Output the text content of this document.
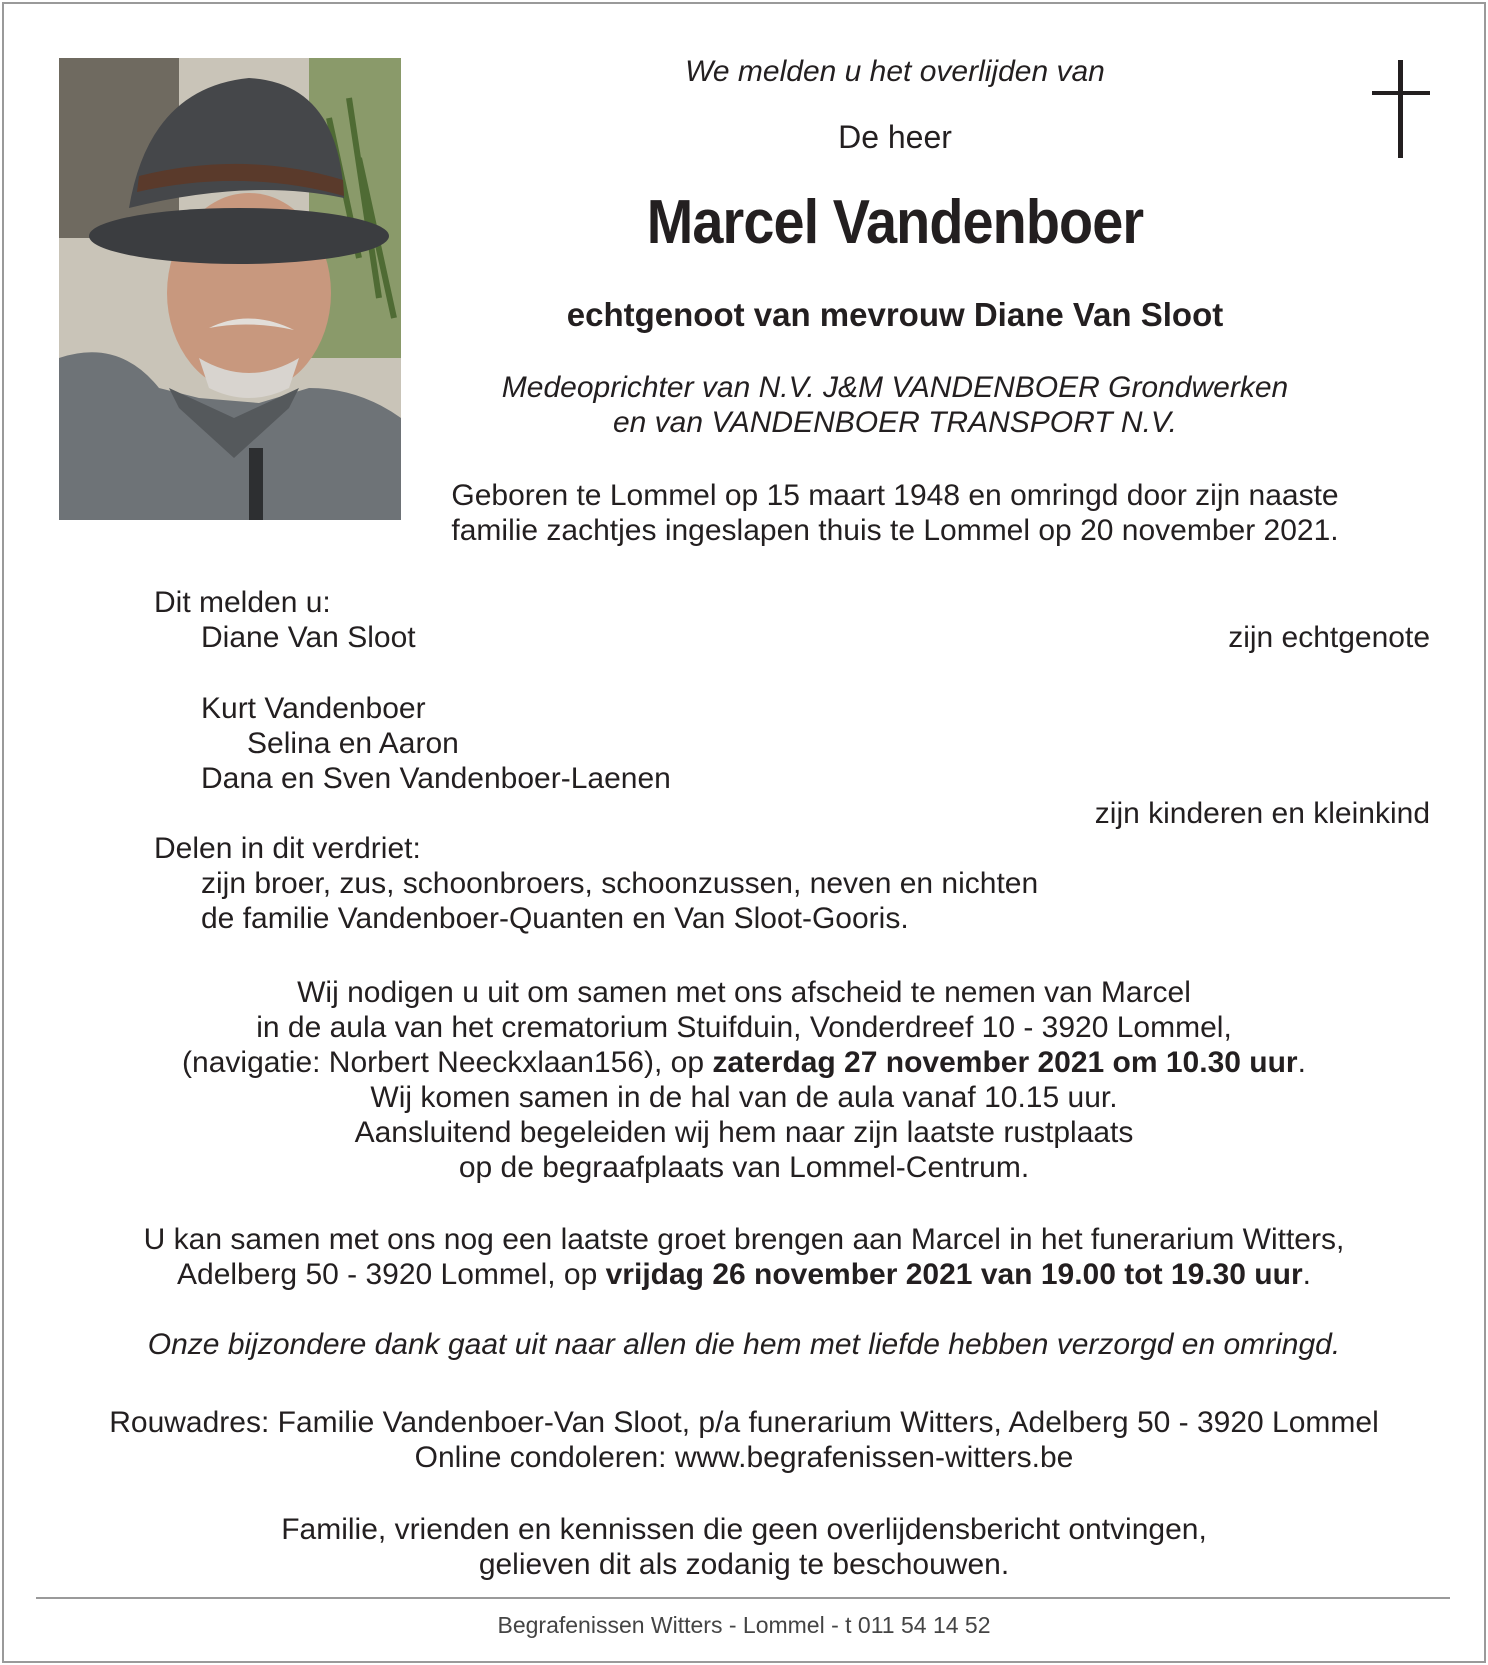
We melden u het overlijden van
De heer
Marcel Vandenboer
echtgenoot van mevrouw Diane Van Sloot
Medeoprichter van N.V. J&M VANDENBOER Grondwerken
en van VANDENBOER TRANSPORT N.V.
Geboren te Lommel op 15 maart 1948 en omringd door zijn naaste
familie zachtjes ingeslapen thuis te Lommel op 20 november 2021.
Dit melden u:
Diane Van Sloot	zijn echtgenote
Kurt Vandenboer
Selina en Aaron
Dana en Sven Vandenboer-Laenen
zijn kinderen en kleinkind
Delen in dit verdriet:
zijn broer, zus, schoonbroers, schoonzussen, neven en nichten
de familie Vandenboer-Quanten en Van Sloot-Gooris.
Wij nodigen u uit om samen met ons afscheid te nemen van Marcel
in de aula van het crematorium Stuifduin, Vonderdreef 10 - 3920 Lommel,
(navigatie: Norbert Neeckxlaan156), op zaterdag 27 november 2021 om 10.30 uur.
Wij komen samen in de hal van de aula vanaf 10.15 uur.
Aansluitend begeleiden wij hem naar zijn laatste rustplaats
op de begraafplaats van Lommel-Centrum.
U kan samen met ons nog een laatste groet brengen aan Marcel in het funerarium Witters,
Adelberg 50 - 3920 Lommel, op vrijdag 26 november 2021 van 19.00 tot 19.30 uur.
Onze bijzondere dank gaat uit naar allen die hem met liefde hebben verzorgd en omringd.
Rouwadres: Familie Vandenboer-Van Sloot, p/a funerarium Witters, Adelberg 50 - 3920 Lommel
Online condoleren: www.begrafenissen-witters.be
Familie, vrienden en kennissen die geen overlijdensbericht ontvingen,
gelieven dit als zodanig te beschouwen.
Begrafenissen Witters - Lommel - t 011 54 14 52
